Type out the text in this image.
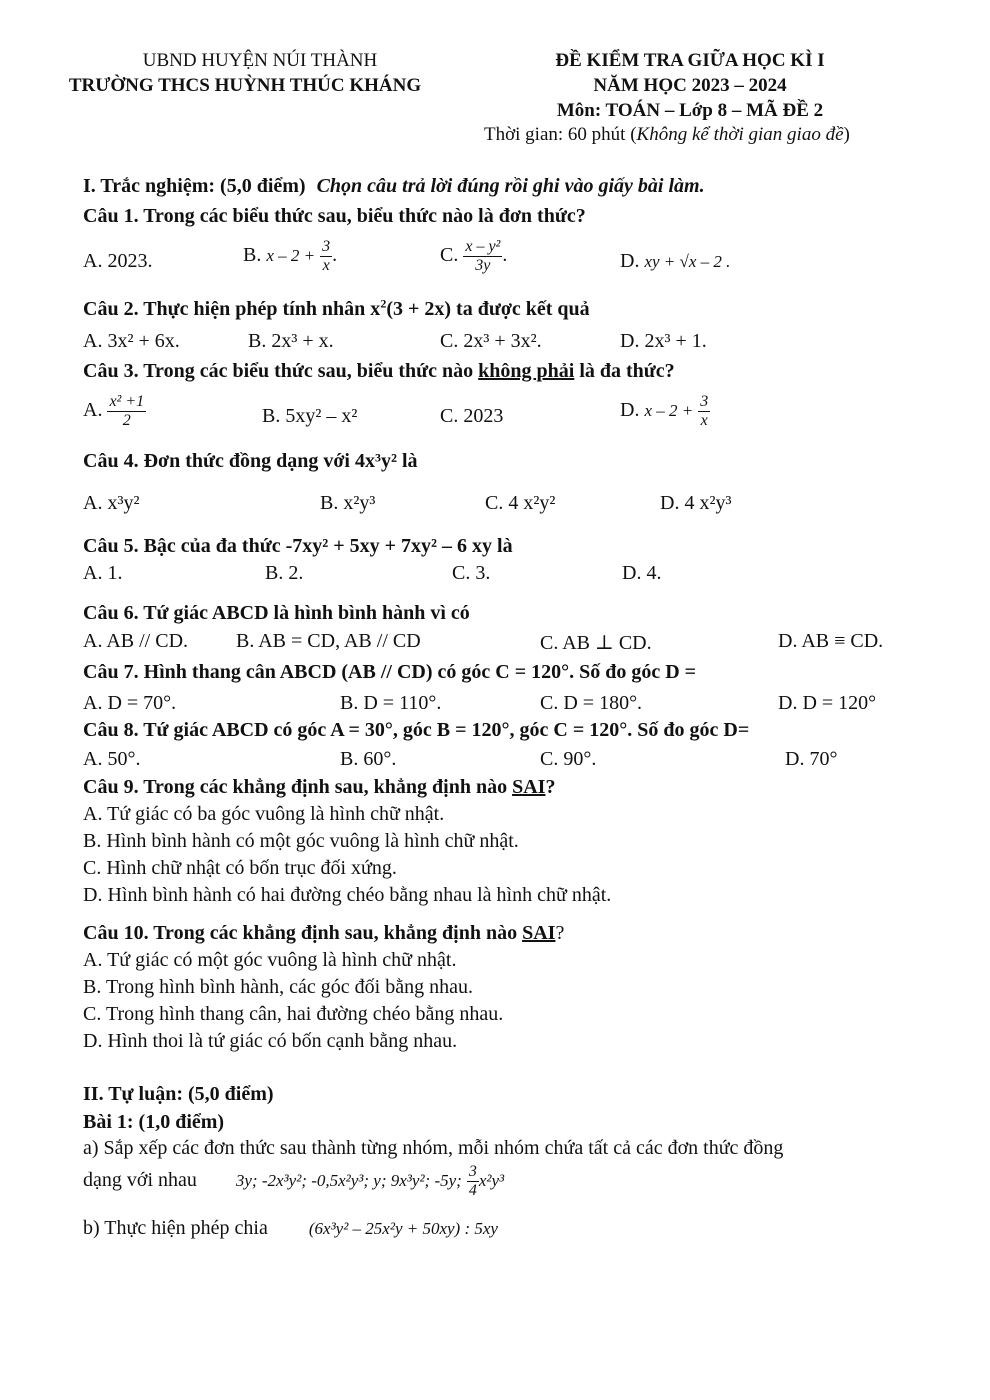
UBND HUYỆN NÚI THÀNH
TRƯỜNG THCS HUỲNH THÚC KHÁNG
ĐỀ KIỂM TRA GIỮA HỌC KÌ I
NĂM HỌC 2023 – 2024
Môn: TOÁN – Lớp 8 – MÃ ĐỀ 2
Thời gian: 60 phút (Không kể thời gian giao đề)
I. Trắc nghiệm: (5,0 điểm) Chọn câu trả lời đúng rồi ghi vào giấy bài làm.
Câu 1. Trong các biểu thức sau, biểu thức nào là đơn thức?
A. 2023.	B. $x - 2 + \frac{3}{x}$ .	C. $\frac{\text{x – y²}}{3y}$ .	D. xy + √x – 2 .
Câu 2. Thực hiện phép tính nhân $x^2(3 + 2x)$ ta được kết quả
A. 3x² + 6x.	B. 2x³ + x.	C. 2x³ + 3x².	D. 2x³ + 1.
Câu 3. Trong các biểu thức sau, biểu thức nào không phải là đa thức?
A. $\frac{\text{x² +1}}{2}$	B. 5xy² – x²	C. 2023	D. $x - 2 + \frac{3}{x}$
Câu 4. Đơn thức đồng dạng với 4x³y² là
A. x³y²	B. x²y³	C. 4 x²y²	D. 4 x²y³
Câu 5. Bậc của đa thức -7xy² + 5xy + 7xy² – 6 xy là
A. 1.	B. 2.	C. 3.	D. 4.
Câu 6. Tứ giác ABCD là hình bình hành vì có
A. AB // CD. B. AB = CD, AB // CD	C. AB ⊥ CD.	D. AB ≡ CD.
Câu 7. Hình thang cân ABCD (AB // CD) có góc C = 120°. Số đo góc D =
A. D = 70°.	B. D = 110°.	C. D = 180°.	D. D = 120°
Câu 8. Tứ giác ABCD có góc A = 30°, góc B = 120°, góc C = 120°. Số đo góc D=
A. 50°.	B. 60°.	C. 90°.	D. 70°
Câu 9. Trong các khẳng định sau, khẳng định nào SAI?
A. Tứ giác có ba góc vuông là hình chữ nhật.
B. Hình bình hành có một góc vuông là hình chữ nhật.
C. Hình chữ nhật có bốn trục đối xứng.
D. Hình bình hành có hai đường chéo bằng nhau là hình chữ nhật.
Câu 10. Trong các khẳng định sau, khẳng định nào SAI?
A. Tứ giác có một góc vuông là hình chữ nhật.
B. Trong hình bình hành, các góc đối bằng nhau.
C. Trong hình thang cân, hai đường chéo bằng nhau.
D. Hình thoi là tứ giác có bốn cạnh bằng nhau.
II. Tự luận: (5,0 điểm)
Bài 1: (1,0 điểm)
a) Sắp xếp các đơn thức sau thành từng nhóm, mỗi nhóm chứa tất cả các đơn thức đồng
dạng với nhau 3y; -2x³y²; -0,5x²y³; y; 9x³y²; -5y; $\frac{3}{4} x^2y^3$
b) Thực hiện phép chia (6x³y² – 25x²y + 50xy) : 5xy
